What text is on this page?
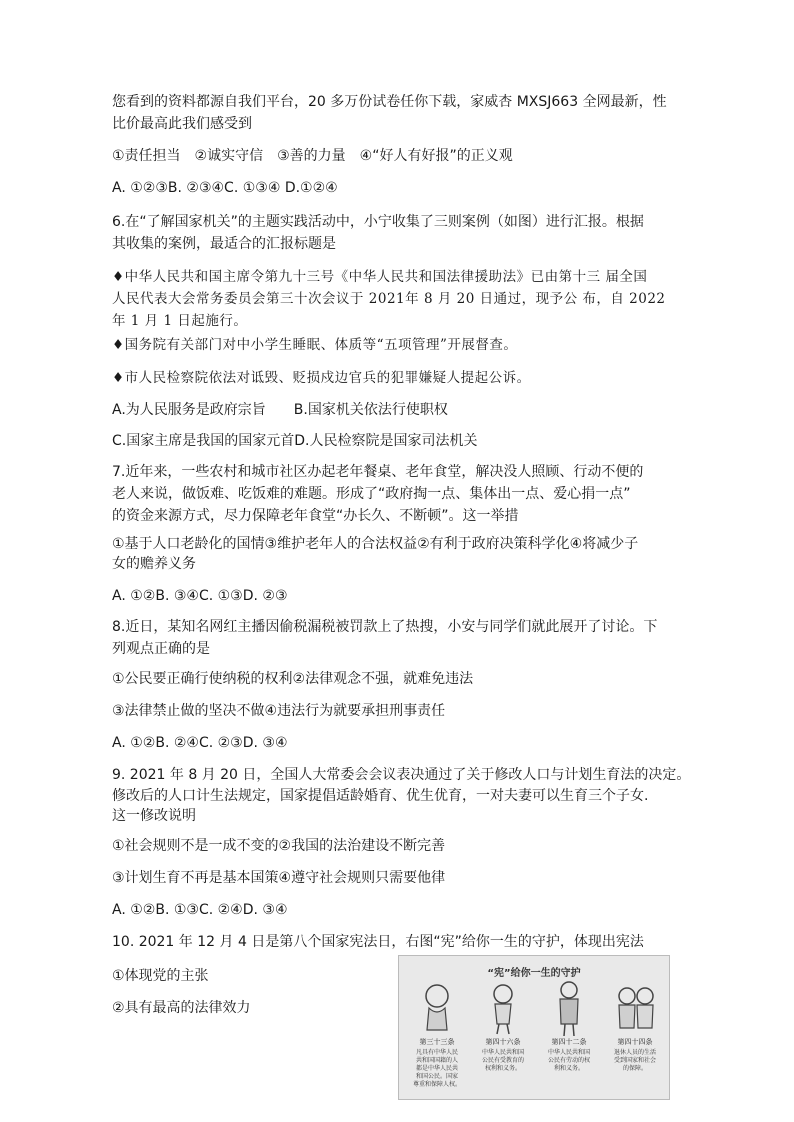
您看到的资料都源自我们平台，20 多万份试卷任你下载，家威杏 MXSJ663 全网最新，性
比价最高此我们感受到
①责任担当　②诚实守信　③善的力量　④“好人有好报”的正义观
A. ①②③B. ②③④C. ①③④ D.①②④
6.在“了解国家机关”的主题实践活动中，小宁收集了三则案例（如图）进行汇报。根据
其收集的案例，最适合的汇报标题是
♦中华人民共和国主席令第九十三号《中华人民共和国法律援助法》已由第十三 届全国
人民代表大会常务委员会第三十次会议于 2021年 8 月 20 日通过，现予公 布，自 2022
年 1 月 1 日起施行。
♦国务院有关部门对中小学生睡眠、体质等“五项管理”开展督查。
♦市人民检察院依法对诋毁、贬损戍边官兵的犯罪嫌疑人提起公诉。
A.为人民服务是政府宗旨　　B.国家机关依法行使职权
C.国家主席是我国的国家元首D.人民检察院是国家司法机关
7.近年来，一些农村和城市社区办起老年餐桌、老年食堂，解决没人照顾、行动不便的
老人来说，做饭难、吃饭难的难题。形成了“政府掏一点、集体出一点、爱心捐一点”
的资金来源方式，尽力保障老年食堂“办长久、不断顿”。这一举措
①基于人口老龄化的国情③维护老年人的合法权益②有利于政府决策科学化④将减少子
女的赡养义务
A. ①②B. ③④C. ①③D. ②③
8.近日，某知名网红主播因偷税漏税被罚款上了热搜，小安与同学们就此展开了讨论。下
列观点正确的是
①公民要正确行使纳税的权利②法律观念不强，就难免违法
③法律禁止做的坚决不做④违法行为就要承担刑事责任
A. ①②B. ②④C. ②③D. ③④
9. 2021 年 8 月 20 日，全国人大常委会会议表决通过了关于修改人口与计划生育法的决定。
修改后的人口计生法规定，国家提倡适龄婚育、优生优育，一对夫妻可以生育三个子女.
这一修改说明
①社会规则不是一成不变的②我国的法治建设不断完善
③计划生育不再是基本国策④遵守社会规则只需要他律
A. ①②B. ①③C. ②④D. ③④
10. 2021 年 12 月 4 日是第八个国家宪法日，右图“宪”给你一生的守护，体现出宪法
①体现党的主张
②具有最高的法律效力
“宪”给你一生的守护
第三十三条
凡具有中华人民
共和国国籍的人
都是中华人民共
和国公民。国家
尊重和保障人权。
第四十六条
中华人民共和国
公民有受教育的
权利和义务。
第四十二条
中华人民共和国
公民有劳动的权
利和义务。
第四十四条
退休人员的生活
受到国家和社会
的保障。
